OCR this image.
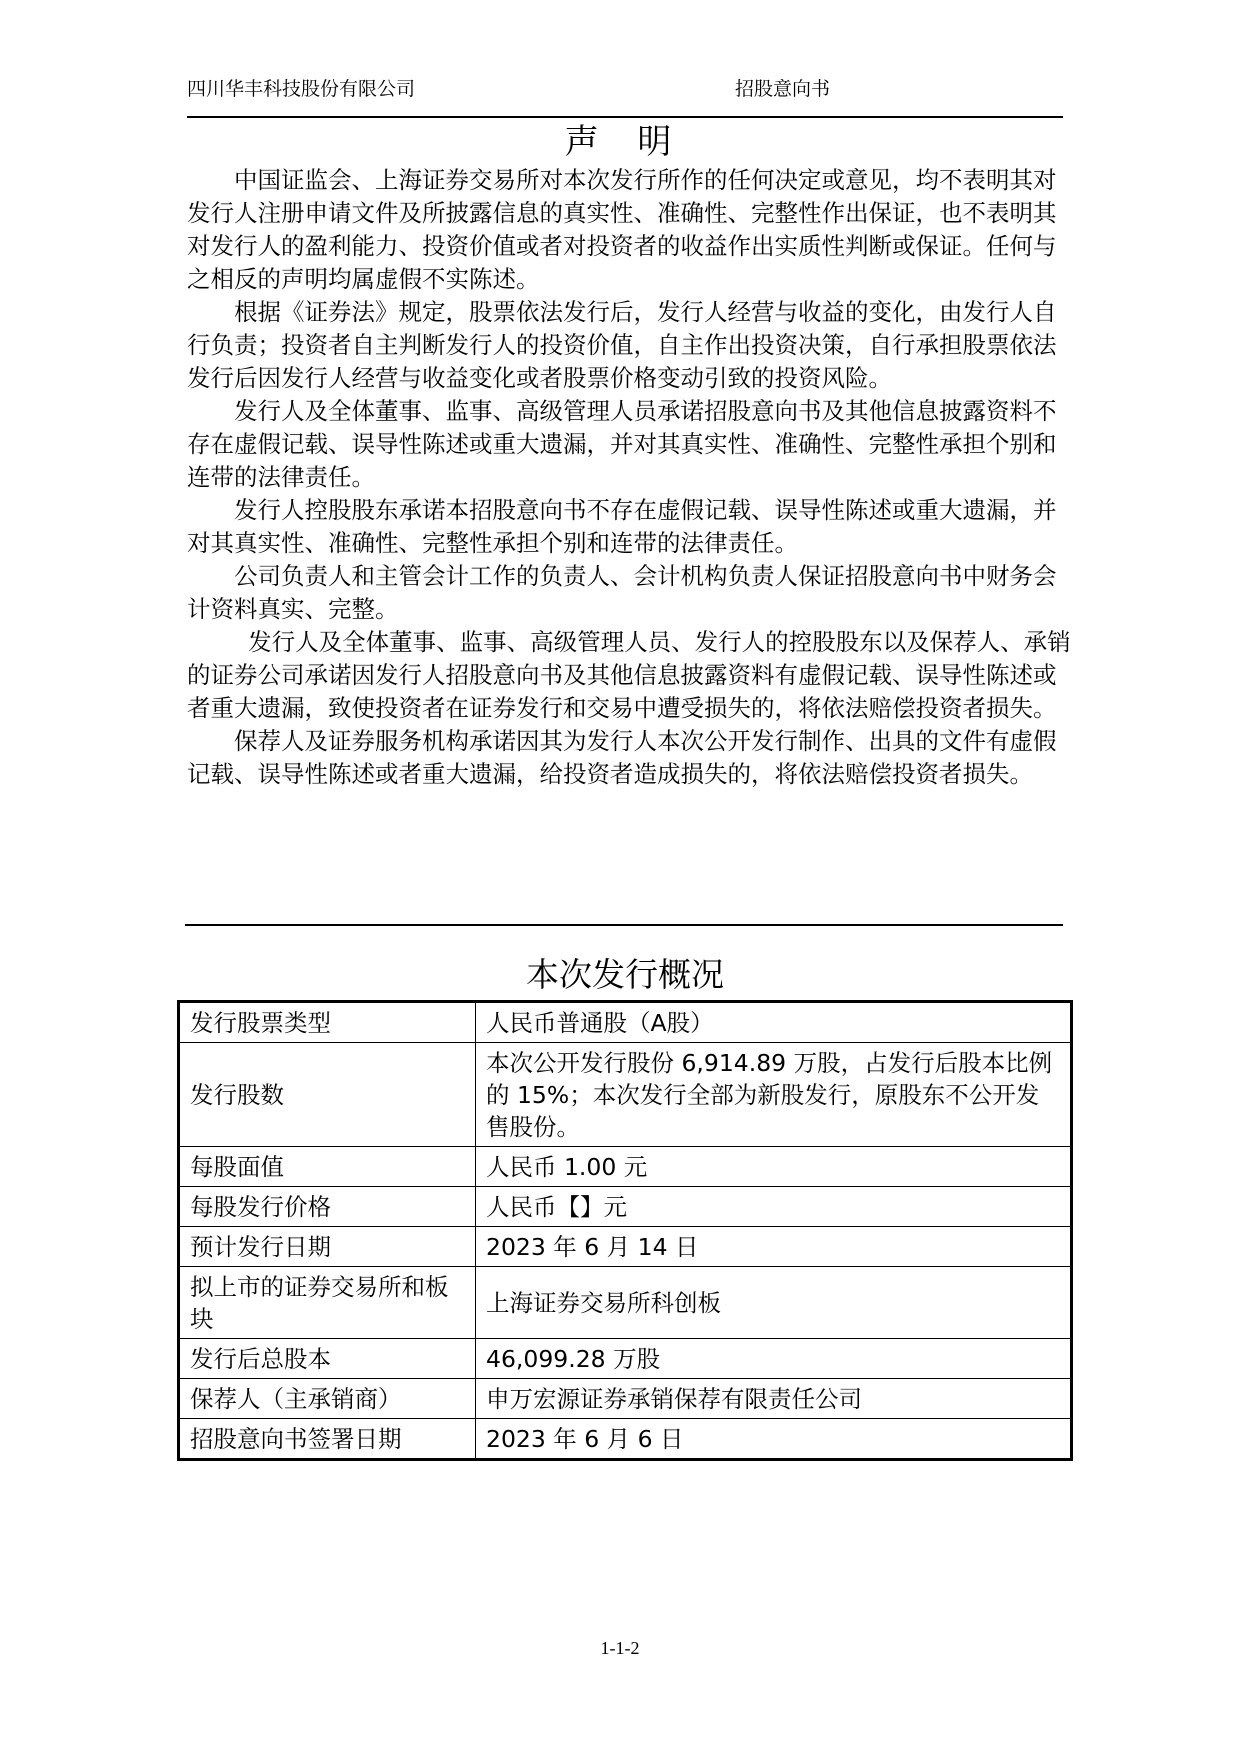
四川华丰科技股份有限公司	招股意向书
声 明

中国证监会、上海证券交易所对本次发行所作的任何决定或意见，均不表明其对发行人注册申请文件及所披露信息的真实性、准确性、完整性作出保证，也不表明其对发行人的盈利能力、投资价值或者对投资者的收益作出实质性判断或保证。任何与之相反的声明均属虚假不实陈述。

根据《证券法》规定，股票依法发行后，发行人经营与收益的变化，由发行人自行负责；投资者自主判断发行人的投资价值，自主作出投资决策，自行承担股票依法发行后因发行人经营与收益变化或者股票价格变动引致的投资风险。

发行人及全体董事、监事、高级管理人员承诺招股意向书及其他信息披露资料不存在虚假记载、误导性陈述或重大遗漏，并对其真实性、准确性、完整性承担个别和连带的法律责任。

发行人控股股东承诺本招股意向书不存在虚假记载、误导性陈述或重大遗漏，并对其真实性、准确性、完整性承担个别和连带的法律责任。

公司负责人和主管会计工作的负责人、会计机构负责人保证招股意向书中财务会计资料真实、完整。

发行人及全体董事、监事、高级管理人员、发行人的控股股东以及保荐人、承销的证券公司承诺因发行人招股意向书及其他信息披露资料有虚假记载、误导性陈述或者重大遗漏，致使投资者在证券发行和交易中遭受损失的，将依法赔偿投资者损失。

保荐人及证券服务机构承诺因其为发行人本次公开发行制作、出具的文件有虚假记载、误导性陈述或者重大遗漏，给投资者造成损失的，将依法赔偿投资者损失。

本次发行概况
发行股票类型	人民币普通股（A股）
发行股数	本次公开发行股份 6,914.89 万股，占发行后股本比例的 15%；本次发行全部为新股发行，原股东不公开发售股份。
每股面值	人民币 1.00 元
每股发行价格	人民币【】元
预计发行日期	2023 年 6 月 14 日
拟上市的证券交易所和板块	上海证券交易所科创板
发行后总股本	46,099.28 万股
保荐人（主承销商）	申万宏源证券承销保荐有限责任公司
招股意向书签署日期	2023 年 6 月 6 日
1-1-2
